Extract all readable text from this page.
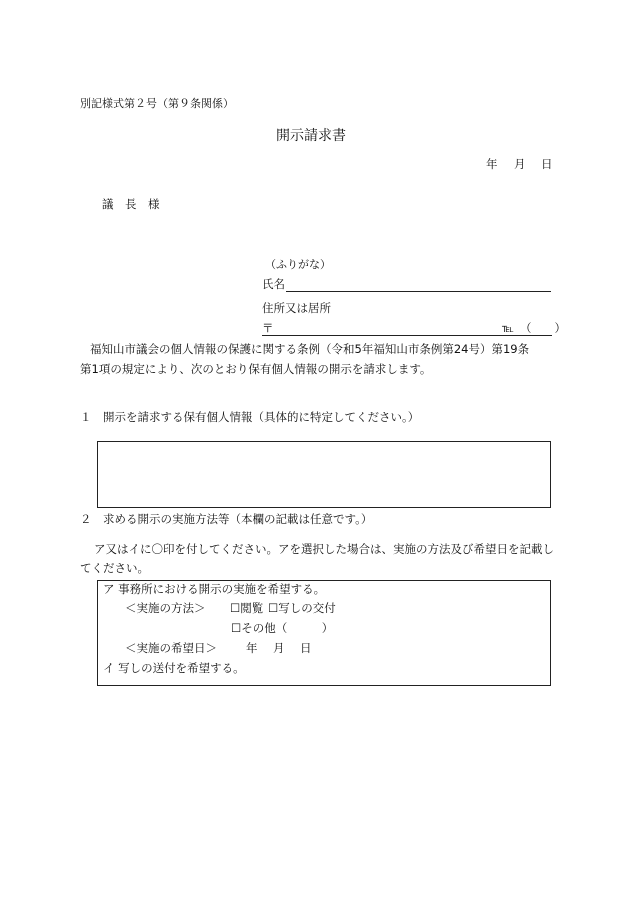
別記様式第２号（第９条関係）
開示請求書
年 月 日
議　長　様
（ふりがな）
氏名
住所又は居所
〒	℡ （　　）
福知山市議会の個人情報の保護に関する条例（令和5年福知山市条例第24号）第19条
第1項の規定により、次のとおり保有個人情報の開示を請求します。
１　開示を請求する保有個人情報（具体的に特定してください。）
２　求める開示の実施方法等（本欄の記載は任意です。）
ア又はイに〇印を付してください。アを選択した場合は、実施の方法及び希望日を記載し
てください。
ア 事務所における開示の実施を希望する。
＜実施の方法＞ ☐閲覧 ☐写しの交付
☐その他（　　　）
＜実施の希望日＞	年 月 日
イ 写しの送付を希望する。
